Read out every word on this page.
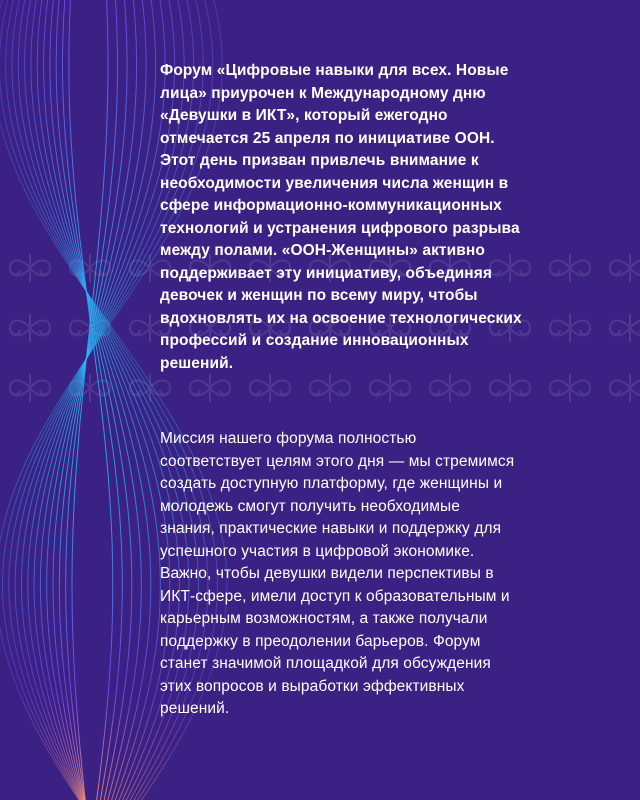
Форум «Цифровые навыки для всех. Новые
лица» приурочен к Международному дню
«Девушки в ИКТ», который ежегодно
отмечается 25 апреля по инициативе ООН.
Этот день призван привлечь внимание к
необходимости увеличения числа женщин в
сфере информационно-коммуникационных
технологий и устранения цифрового разрыва
между полами. «ООН-Женщины» активно
поддерживает эту инициативу, объединяя
девочек и женщин по всему миру, чтобы
вдохновлять их на освоение технологических
профессий и создание инновационных
решений.

Миссия нашего форума полностью
соответствует целям этого дня — мы стремимся
создать доступную платформу, где женщины и
молодежь смогут получить необходимые
знания, практические навыки и поддержку для
успешного участия в цифровой экономике.
Важно, чтобы девушки видели перспективы в
ИКТ-сфере, имели доступ к образовательным и
карьерным возможностям, а также получали
поддержку в преодолении барьеров. Форум
станет значимой площадкой для обсуждения
этих вопросов и выработки эффективных
решений.
